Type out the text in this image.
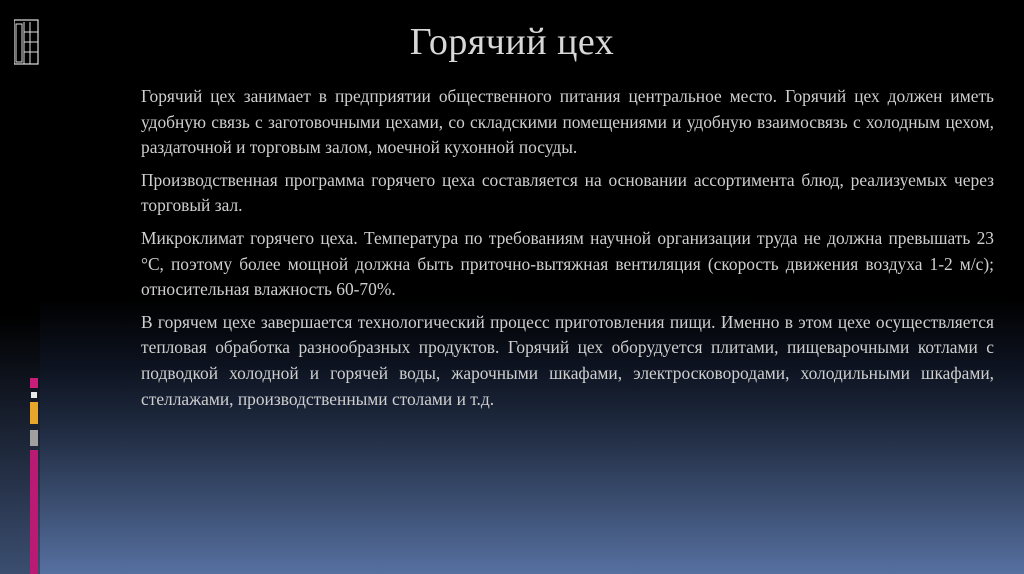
Горячий цех

Горячий цех занимает в предприятии общественного питания центральное место. Горячий цех должен иметь удобную связь с заготовочными цехами, со складскими помещениями и удобную взаимосвязь с холодным цехом, раздаточной и торговым залом, моечной кухонной посуды.

Производственная программа горячего цеха составляется на основании ассортимента блюд, реализуемых через торговый зал.

Микроклимат горячего цеха. Температура по требованиям научной организации труда не должна превышать 23 °С, поэтому более мощной должна быть приточно-вытяжная вентиляция (скорость движения воздуха 1-2 м/с); относительная влажность 60-70%.

В горячем цехе завершается технологический процесс приготовления пищи. Именно в этом цехе осуществляется тепловая обработка разнообразных продуктов. Горячий цех оборудуется плитами, пищеварочными котлами с подводкой холодной и горячей воды, жарочными шкафами, электросковородами, холодильными шкафами, стеллажами, производственными столами и т.д.
